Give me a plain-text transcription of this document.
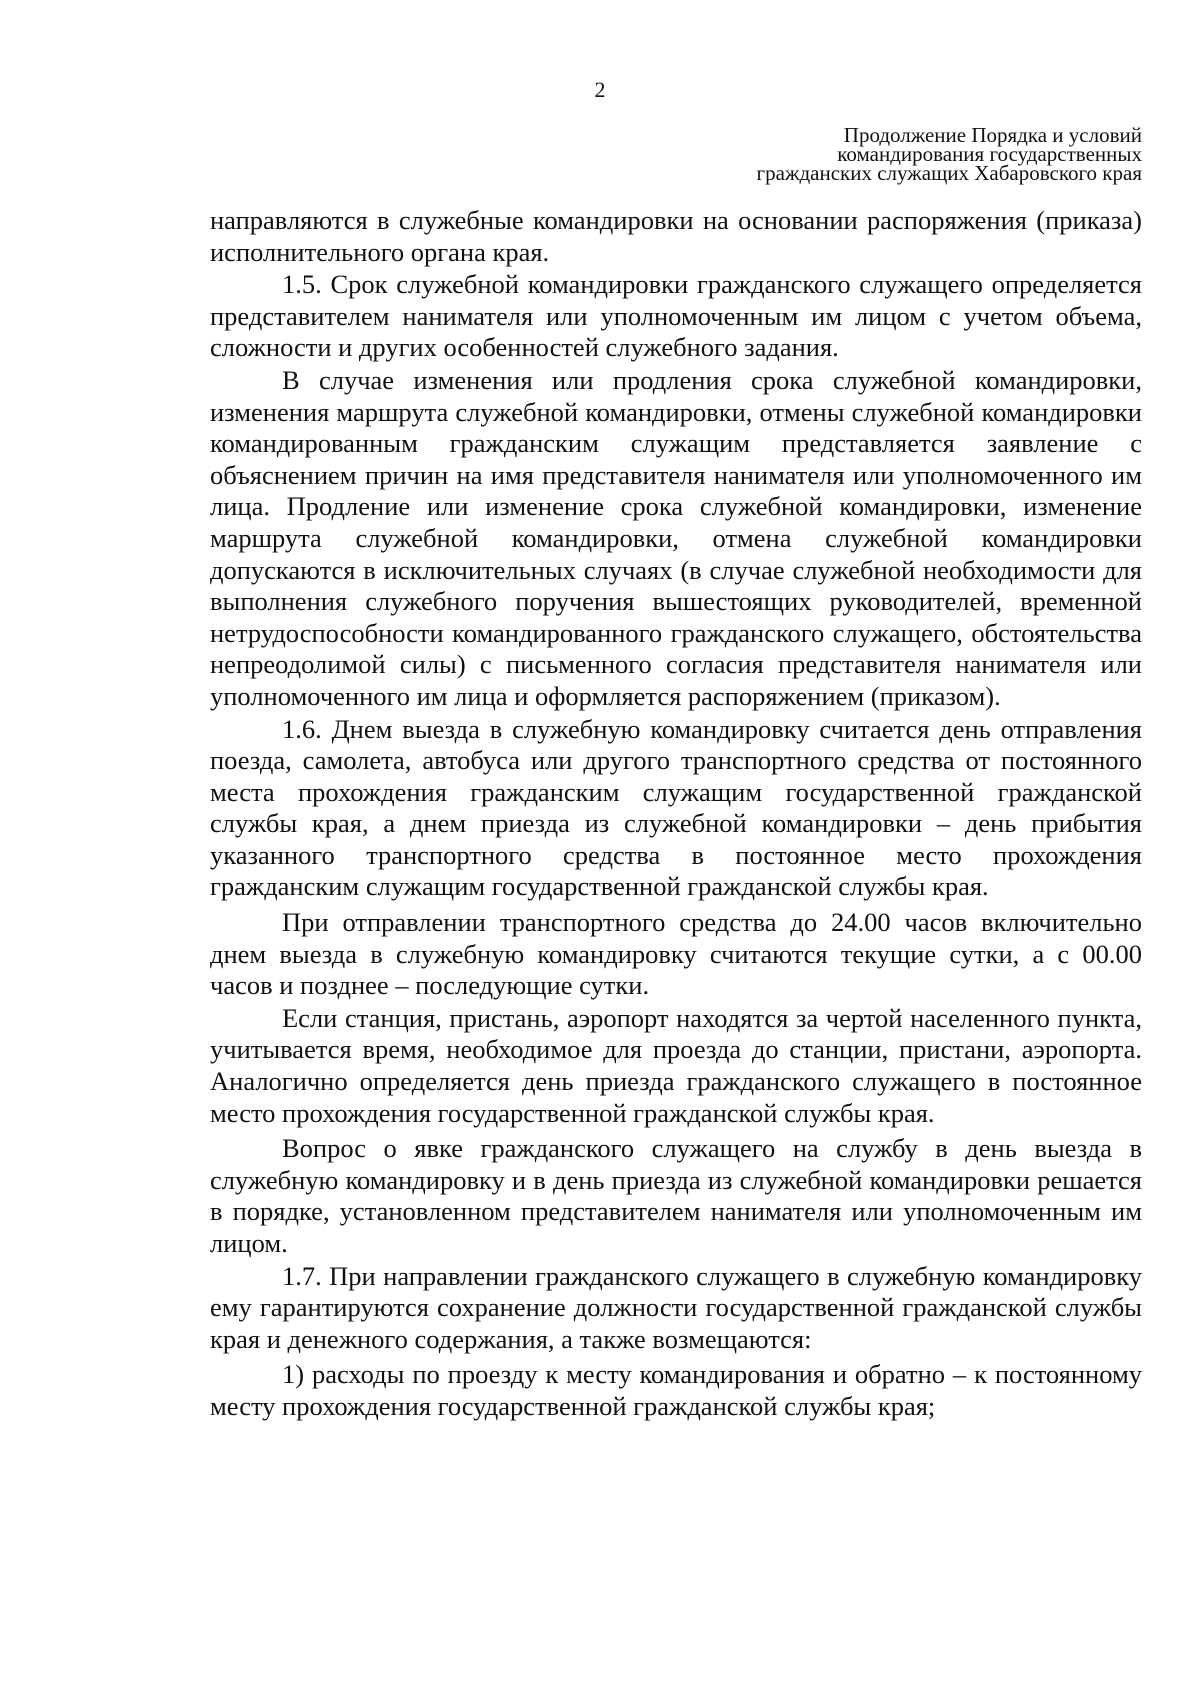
2
Продолжение Порядка и условий
командирования государственных
гражданских служащих Хабаровского края

направляются в служебные командировки на основании распоряжения (приказа) исполнительного органа края.

1.5. Срок служебной командировки гражданского служащего определяется представителем нанимателя или уполномоченным им лицом с учетом объема, сложности и других особенностей служебного задания.

В случае изменения или продления срока служебной командировки, изменения маршрута служебной командировки, отмены служебной командировки командированным гражданским служащим представляется заявление с объяснением причин на имя представителя нанимателя или уполномоченного им лица. Продление или изменение срока служебной командировки, изменение маршрута служебной командировки, отмена служебной командировки допускаются в исключительных случаях (в случае служебной необходимости для выполнения служебного поручения вышестоящих руководителей, временной нетрудоспособности командированного гражданского служащего, обстоятельства непреодолимой силы) с письменного согласия представителя нанимателя или уполномоченного им лица и оформляется распоряжением (приказом).

1.6. Днем выезда в служебную командировку считается день отправления поезда, самолета, автобуса или другого транспортного средства от постоянного места прохождения гражданским служащим государственной гражданской службы края, а днем приезда из служебной командировки – день прибытия указанного транспортного средства в постоянное место прохождения гражданским служащим государственной гражданской службы края.

При отправлении транспортного средства до 24.00 часов включительно днем выезда в служебную командировку считаются текущие сутки, а с 00.00 часов и позднее – последующие сутки.

Если станция, пристань, аэропорт находятся за чертой населенного пункта, учитывается время, необходимое для проезда до станции, пристани, аэропорта. Аналогично определяется день приезда гражданского служащего в постоянное место прохождения государственной гражданской службы края.

Вопрос о явке гражданского служащего на службу в день выезда в служебную командировку и в день приезда из служебной командировки решается в порядке, установленном представителем нанимателя или уполномоченным им лицом.

1.7. При направлении гражданского служащего в служебную командировку ему гарантируются сохранение должности государственной гражданской службы края и денежного содержания, а также возмещаются:

1) расходы по проезду к месту командирования и обратно – к постоянному месту прохождения государственной гражданской службы края;
